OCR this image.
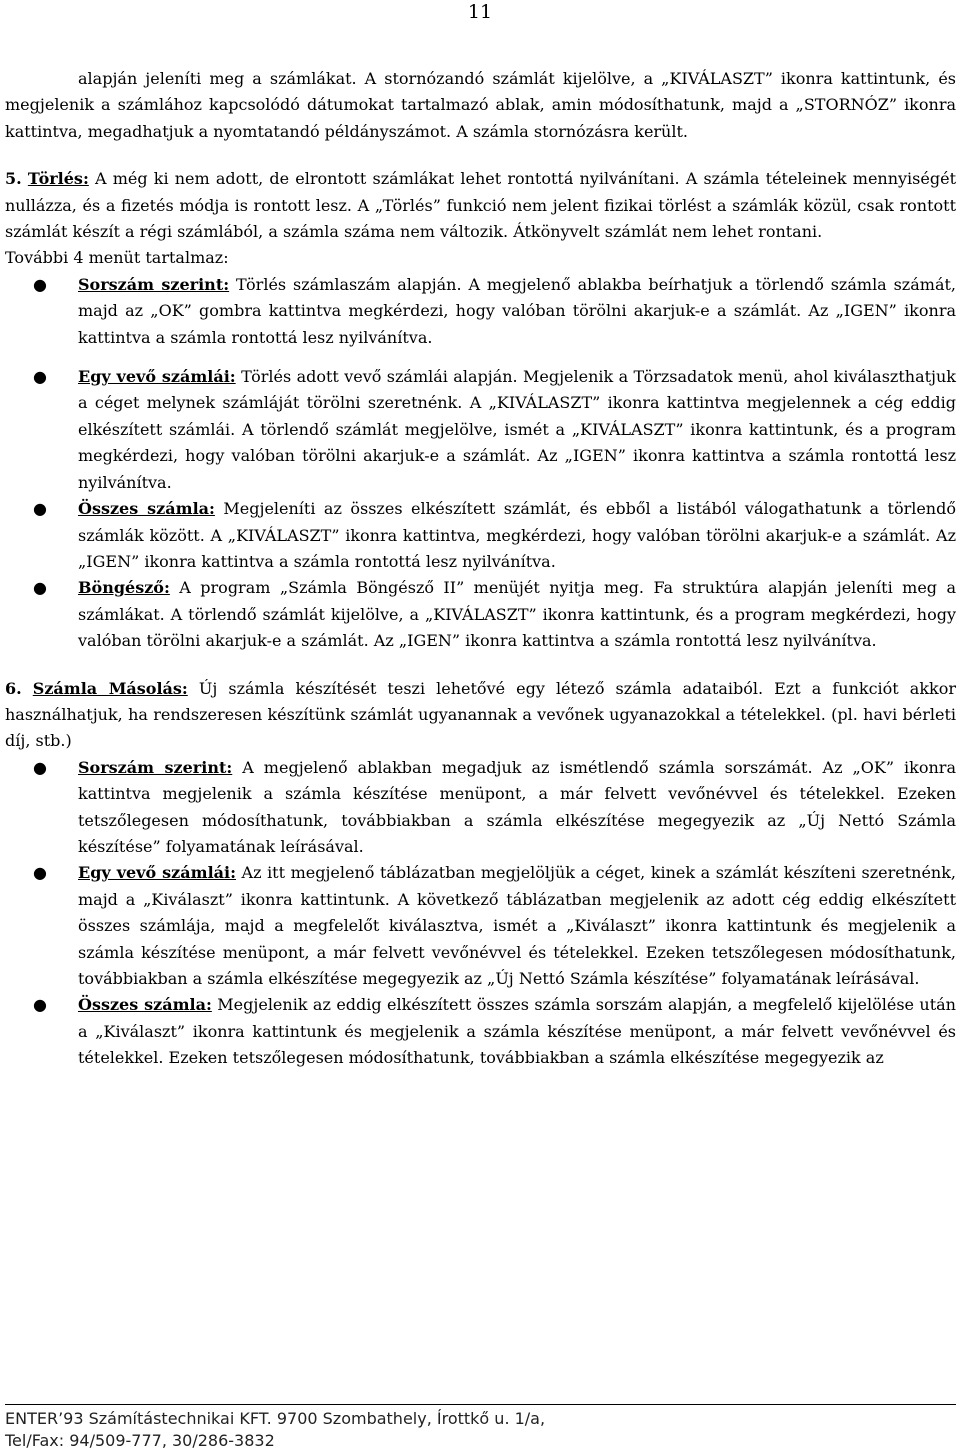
11

alapján jeleníti meg a számlákat. A stornózandó számlát kijelölve, a „KIVÁLASZT” ikonra kattintunk, és megjelenik a számlához kapcsolódó dátumokat tartalmazó ablak, amin módosíthatunk, majd a „STORNÓZ” ikonra kattintva, megadhatjuk a nyomtatandó példányszámot. A számla stornózásra került.

5. Törlés: A még ki nem adott, de elrontott számlákat lehet rontottá nyilvánítani. A számla tételeinek mennyiségét nullázza, és a fizetés módja is rontott lesz. A „Törlés” funkció nem jelent fizikai törlést a számlák közül, csak rontott számlát készít a régi számlából, a számla száma nem változik. Átkönyvelt számlát nem lehet rontani.

További 4 menüt tartalmaz:

● Sorszám szerint: Törlés számlaszám alapján. A megjelenő ablakba beírhatjuk a törlendő számla számát, majd az „OK” gombra kattintva megkérdezi, hogy valóban törölni akarjuk-e a számlát. Az „IGEN” ikonra kattintva a számla rontottá lesz nyilvánítva.
● Egy vevő számlái: Törlés adott vevő számlái alapján. Megjelenik a Törzsadatok menü, ahol kiválaszthatjuk a céget melynek számláját törölni szeretnénk. A „KIVÁLASZT” ikonra kattintva megjelennek a cég eddig elkészített számlái. A törlendő számlát megjelölve, ismét a „KIVÁLASZT” ikonra kattintunk, és a program megkérdezi, hogy valóban törölni akarjuk-e a számlát. Az „IGEN” ikonra kattintva a számla rontottá lesz nyilvánítva.
● Összes számla: Megjeleníti az összes elkészített számlát, és ebből a listából válogathatunk a törlendő számlák között. A „KIVÁLASZT” ikonra kattintva, megkérdezi, hogy valóban törölni akarjuk-e a számlát. Az „IGEN” ikonra kattintva a számla rontottá lesz nyilvánítva.
● Böngésző: A program „Számla Böngésző II” menüjét nyitja meg. Fa struktúra alapján jeleníti meg a számlákat. A törlendő számlát kijelölve, a „KIVÁLASZT” ikonra kattintunk, és a program megkérdezi, hogy valóban törölni akarjuk-e a számlát. Az „IGEN” ikonra kattintva a számla rontottá lesz nyilvánítva.

6. Számla Másolás: Új számla készítését teszi lehetővé egy létező számla adataiból. Ezt a funkciót akkor használhatjuk, ha rendszeresen készítünk számlát ugyanannak a vevőnek ugyanazokkal a tételekkel. (pl. havi bérleti díj, stb.)

● Sorszám szerint: A megjelenő ablakban megadjuk az ismétlendő számla sorszámát. Az „OK” ikonra kattintva megjelenik a számla készítése menüpont, a már felvett vevőnévvel és tételekkel. Ezeken tetszőlegesen módosíthatunk, továbbiakban a számla elkészítése megegyezik az „Új Nettó Számla készítése” folyamatának leírásával.
● Egy vevő számlái: Az itt megjelenő táblázatban megjelöljük a céget, kinek a számlát készíteni szeretnénk, majd a „Kiválaszt” ikonra kattintunk. A következő táblázatban megjelenik az adott cég eddig elkészített összes számlája, majd a megfelelőt kiválasztva, ismét a „Kiválaszt” ikonra kattintunk és megjelenik a számla készítése menüpont, a már felvett vevőnévvel és tételekkel. Ezeken tetszőlegesen módosíthatunk, továbbiakban a számla elkészítése megegyezik az „Új Nettó Számla készítése” folyamatának leírásával.
● Összes számla: Megjelenik az eddig elkészített összes számla sorszám alapján, a megfelelő kijelölése után a „Kiválaszt” ikonra kattintunk és megjelenik a számla készítése menüpont, a már felvett vevőnévvel és tételekkel. Ezeken tetszőlegesen módosíthatunk, továbbiakban a számla elkészítése megegyezik az
ENTER’93 Számítástechnikai KFT. 9700 Szombathely, Írottkő u. 1/a,
Tel/Fax: 94/509-777, 30/286-3832
